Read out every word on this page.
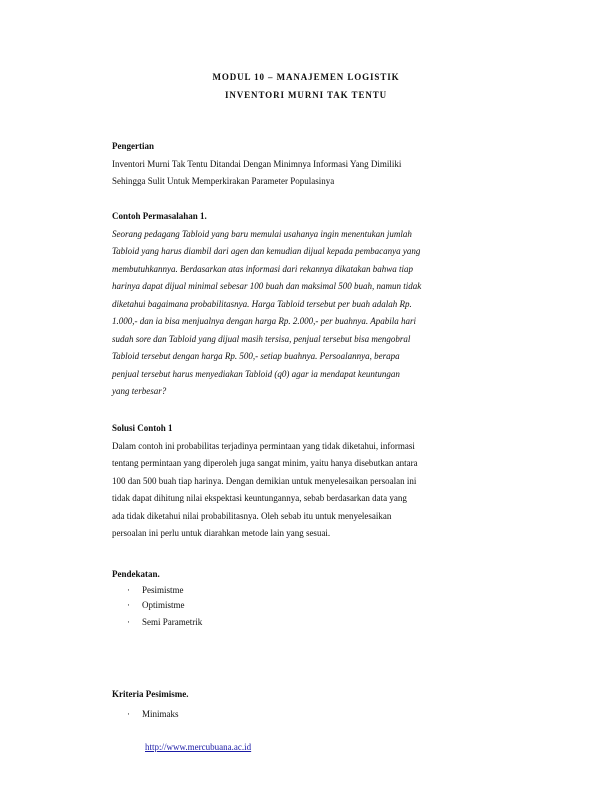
MODUL 10 – MANAJEMEN LOGISTIK
INVENTORI MURNI TAK TENTU
Pengertian
Inventori Murni Tak Tentu Ditandai Dengan Minimnya Informasi Yang Dimiliki
Sehingga Sulit Untuk Memperkirakan Parameter Populasinya
Contoh Permasalahan 1.
Seorang pedagang Tabloid yang baru memulai usahanya ingin menentukan jumlah
Tabloid yang harus diambil dari agen dan kemudian dijual kepada pembacanya yang
membutuhkannya. Berdasarkan atas informasi dari rekannya dikatakan bahwa tiap
harinya dapat dijual minimal sebesar 100 buah dan maksimal 500 buah, namun tidak
diketahui bagaimana probabilitasnya. Harga Tabloid tersebut per buah adalah Rp.
1.000,- dan ia bisa menjualnya dengan harga Rp. 2.000,- per buahnya. Apabila hari
sudah sore dan Tabloid yang dijual masih tersisa, penjual tersebut bisa mengobral
Tabloid tersebut dengan harga Rp. 500,- setiap buahnya. Persoalannya, berapa
penjual tersebut harus menyediakan Tabloid (q0) agar ia mendapat keuntungan
yang terbesar?
Solusi Contoh 1
Dalam contoh ini probabilitas terjadinya permintaan yang tidak diketahui, informasi
tentang permintaan yang diperoleh juga sangat minim, yaitu hanya disebutkan antara
100 dan 500 buah tiap harinya. Dengan demikian untuk menyelesaikan persoalan ini
tidak dapat dihitung nilai ekspektasi keuntungannya, sebab berdasarkan data yang
ada tidak diketahui nilai probabilitasnya. Oleh sebab itu untuk menyelesaikan
persoalan ini perlu untuk diarahkan metode lain yang sesuai.
Pendekatan.
· Pesimistme
· Optimistme
· Semi Parametrik
Kriteria Pesimisme.
· Minimaks
http://www.mercubuana.ac.id
